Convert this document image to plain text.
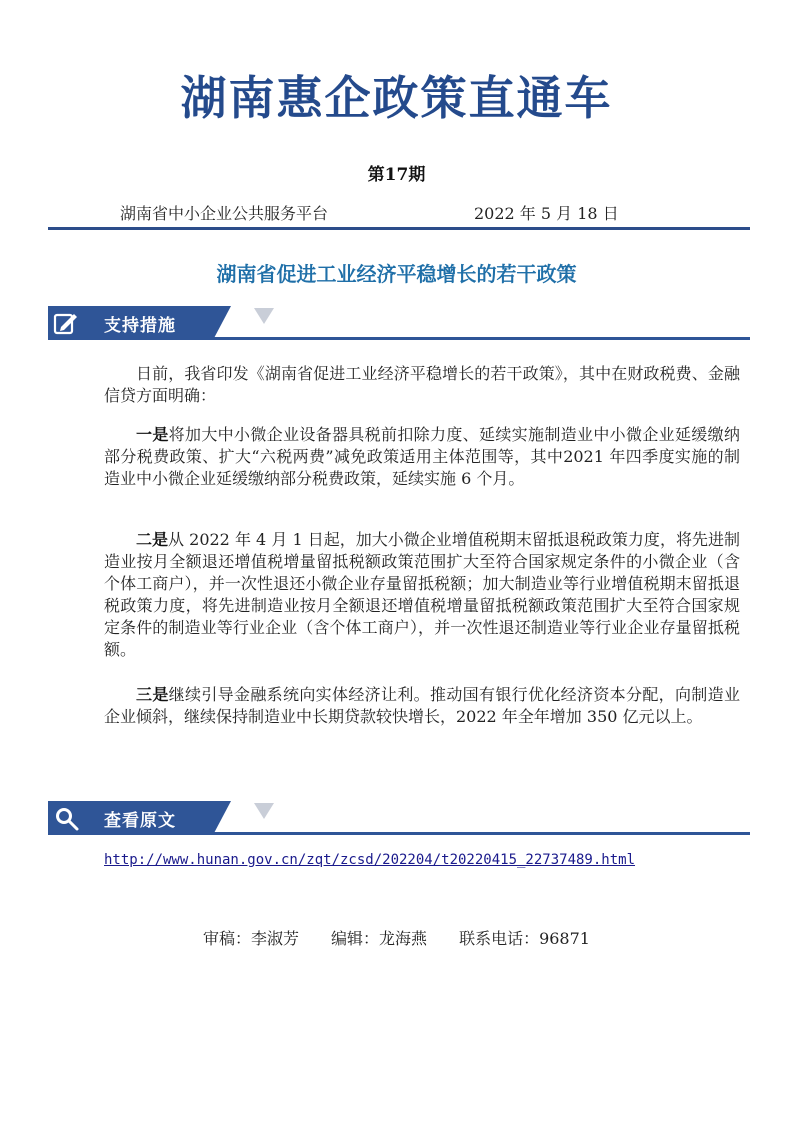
湖南惠企政策直通车
第17期
湖南省中小企业公共服务平台	2022 年 5 月 18 日
湖南省促进工业经济平稳增长的若干政策
支持措施

日前，我省印发《湖南省促进工业经济平稳增长的若干政策》，其中在财政税费、金融信贷方面明确：

一是将加大中小微企业设备器具税前扣除力度、延续实施制造业中小微企业延缓缴纳部分税费政策、扩大“六税两费”减免政策适用主体范围等，其中2021 年四季度实施的制造业中小微企业延缓缴纳部分税费政策，延续实施 6 个月。

二是从 2022 年 4 月 1 日起，加大小微企业增值税期末留抵退税政策力度，将先进制造业按月全额退还增值税增量留抵税额政策范围扩大至符合国家规定条件的小微企业（含个体工商户），并一次性退还小微企业存量留抵税额；加大制造业等行业增值税期末留抵退税政策力度，将先进制造业按月全额退还增值税增量留抵税额政策范围扩大至符合国家规定条件的制造业等行业企业（含个体工商户），并一次性退还制造业等行业企业存量留抵税额。

三是继续引导金融系统向实体经济让利。推动国有银行优化经济资本分配，向制造业企业倾斜，继续保持制造业中长期贷款较快增长，2022 年全年增加 350 亿元以上。

查看原文
http://www.hunan.gov.cn/zqt/zcsd/202204/t20220415_22737489.html
审稿：李淑芳 编辑：龙海燕 联系电话：96871
